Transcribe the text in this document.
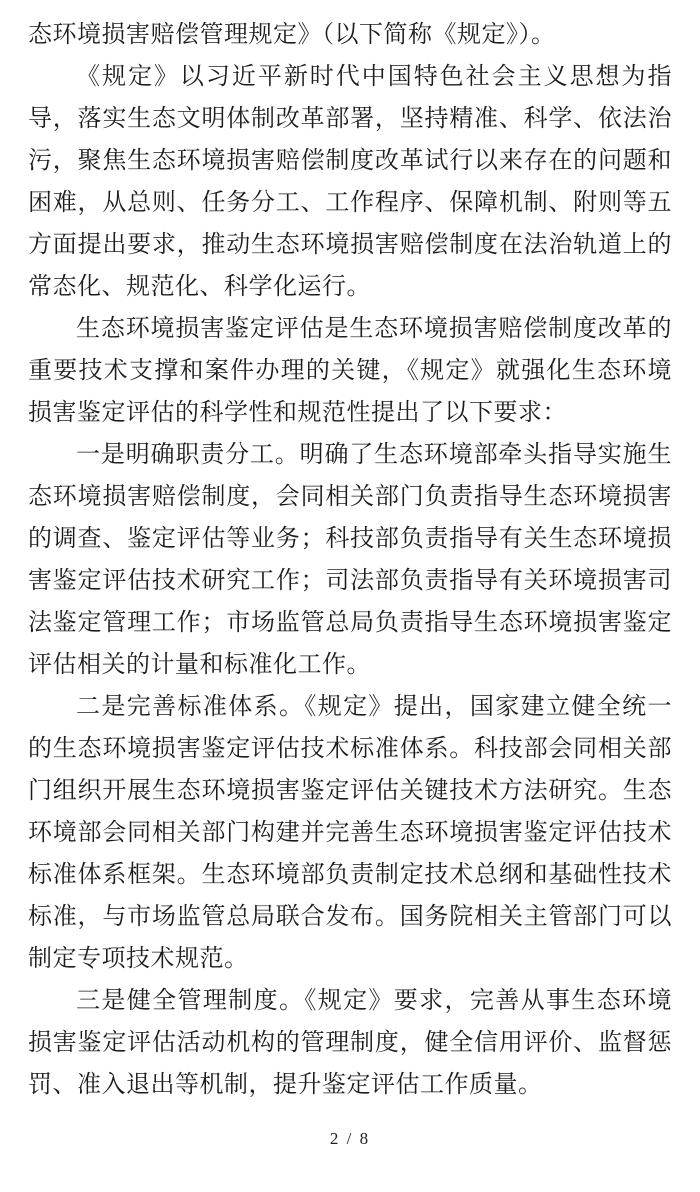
态环境损害赔偿管理规定》（以下简称《规定》）。

《规定》以习近平新时代中国特色社会主义思想为指导，落实生态文明体制改革部署，坚持精准、科学、依法治污，聚焦生态环境损害赔偿制度改革试行以来存在的问题和困难，从总则、任务分工、工作程序、保障机制、附则等五方面提出要求，推动生态环境损害赔偿制度在法治轨道上的常态化、规范化、科学化运行。

生态环境损害鉴定评估是生态环境损害赔偿制度改革的重要技术支撑和案件办理的关键，《规定》就强化生态环境损害鉴定评估的科学性和规范性提出了以下要求：

一是明确职责分工。明确了生态环境部牵头指导实施生态环境损害赔偿制度，会同相关部门负责指导生态环境损害的调查、鉴定评估等业务；科技部负责指导有关生态环境损害鉴定评估技术研究工作；司法部负责指导有关环境损害司法鉴定管理工作；市场监管总局负责指导生态环境损害鉴定评估相关的计量和标准化工作。

二是完善标准体系。《规定》提出，国家建立健全统一的生态环境损害鉴定评估技术标准体系。科技部会同相关部门组织开展生态环境损害鉴定评估关键技术方法研究。生态环境部会同相关部门构建并完善生态环境损害鉴定评估技术标准体系框架。生态环境部负责制定技术总纲和基础性技术标准，与市场监管总局联合发布。国务院相关主管部门可以制定专项技术规范。

三是健全管理制度。《规定》要求，完善从事生态环境损害鉴定评估活动机构的管理制度，健全信用评价、监督惩罚、准入退出等机制，提升鉴定评估工作质量。

2 / 8
